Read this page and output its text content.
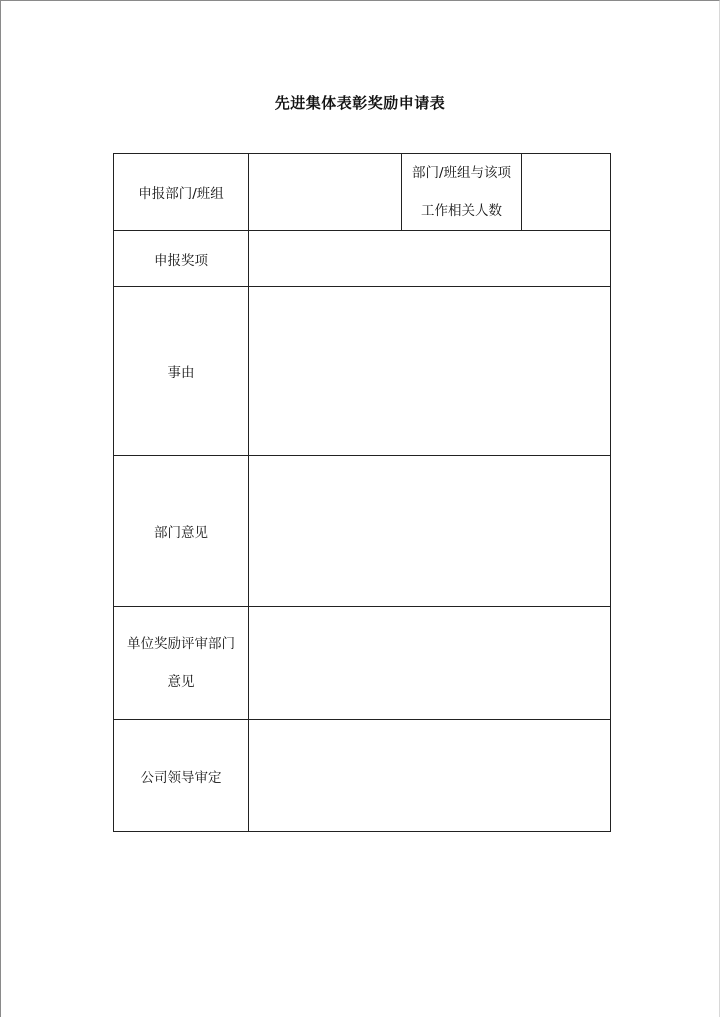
先进集体表彰奖励申请表
申报部门/班组		部门/班组与该项
工作相关人数	

申报奖项			
事由			
部门意见			

单位奖励评审部门
意见			

公司领导审定			
